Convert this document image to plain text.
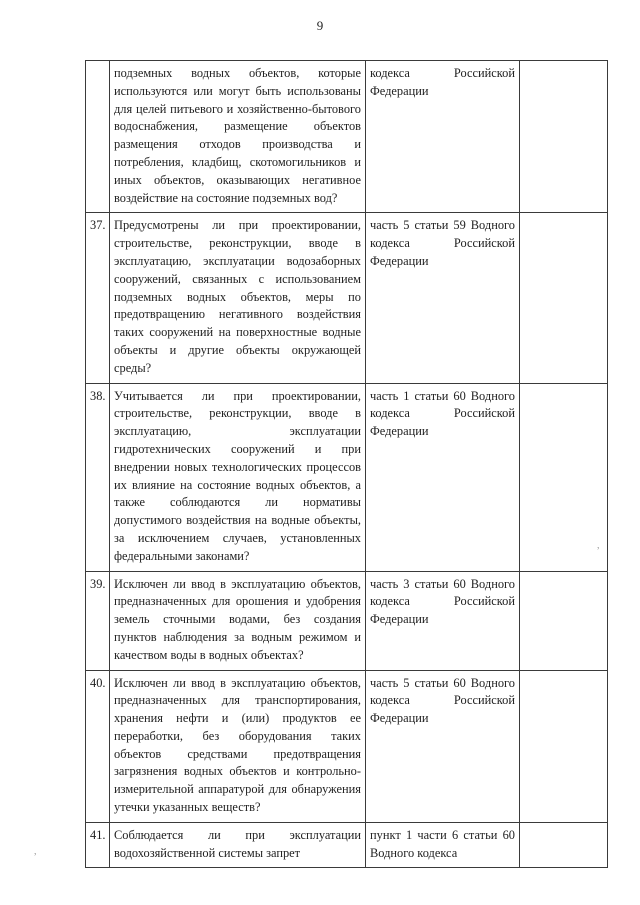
9
	подземных водных объектов, которые используются или могут быть использованы для целей питьевого и хозяйственно-бытового водоснабжения, размещение объектов размещения отходов производства и потребления, кладбищ, скотомогильников и иных объектов, оказывающих негативное воздействие на состояние подземных вод?	кодекса Российской Федерации	
37.	Предусмотрены ли при проектировании, строительстве, реконструкции, вводе в эксплуатацию, эксплуатации водозаборных сооружений, связанных с использованием подземных водных объектов, меры по предотвращению негативного воздействия таких сооружений на поверхностные водные объекты и другие объекты окружающей среды?	часть 5 статьи 59 Водного кодекса Российской Федерации	
38.	Учитывается ли при проектировании, строительстве, реконструкции, вводе в эксплуатацию, эксплуатации гидротехнических сооружений и при внедрении новых технологических процессов их влияние на состояние водных объектов, а также соблюдаются ли нормативы допустимого воздействия на водные объекты, за исключением случаев, установленных федеральными законами?	часть 1 статьи 60 Водного кодекса Российской Федерации	
39.	Исключен ли ввод в эксплуатацию объектов, предназначенных для орошения и удобрения земель сточными водами, без создания пунктов наблюдения за водным режимом и качеством воды в водных объектах?	часть 3 статьи 60 Водного кодекса Российской Федерации	
40.	Исключен ли ввод в эксплуатацию объектов, предназначенных для транспортирования, хранения нефти и (или) продуктов ее переработки, без оборудования таких объектов средствами предотвращения загрязнения водных объектов и контрольно-измерительной аппаратурой для обнаружения утечки указанных веществ?	часть 5 статьи 60 Водного кодекса Российской Федерации	
41.	Соблюдается ли при эксплуатации водохозяйственной системы запрет	пункт 1 части 6 статьи 60 Водного кодекса	
,
,
